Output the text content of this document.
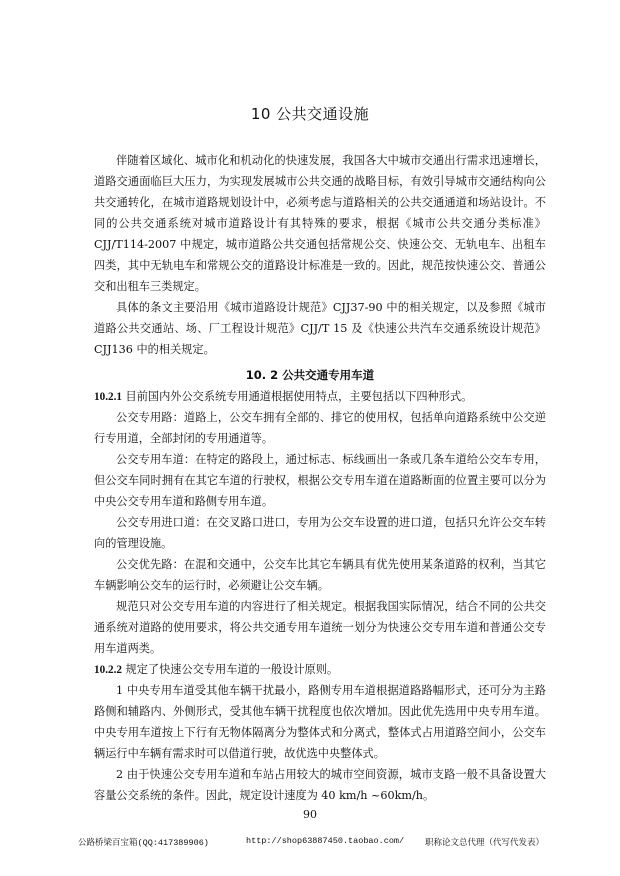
10 公共交通设施

伴随着区域化、城市化和机动化的快速发展，我国各大中城市交通出行需求迅速增长，道路交通面临巨大压力，为实现发展城市公共交通的战略目标，有效引导城市交通结构向公共交通转化，在城市道路规划设计中，必须考虑与道路相关的公共交通通道和场站设计。不同的公共交通系统对城市道路设计有其特殊的要求，根据《城市公共交通分类标准》CJJ/T114-2007 中规定，城市道路公共交通包括常规公交、快速公交、无轨电车、出租车四类，其中无轨电车和常规公交的道路设计标准是一致的。因此，规范按快速公交、普通公交和出租车三类规定。

具体的条文主要沿用《城市道路设计规范》CJJ37-90 中的相关规定，以及参照《城市道路公共交通站、场、厂工程设计规范》CJJ/T 15 及《快速公共汽车交通系统设计规范》CJJ136 中的相关规定。

10. 2 公共交通专用车道

10.2.1 目前国内外公交系统专用通道根据使用特点，主要包括以下四种形式。

公交专用路：道路上，公交车拥有全部的、排它的使用权，包括单向道路系统中公交逆行专用道，全部封闭的专用通道等。

公交专用车道：在特定的路段上，通过标志、标线画出一条或几条车道给公交车专用，但公交车同时拥有在其它车道的行驶权，根据公交专用车道在道路断面的位置主要可以分为中央公交专用车道和路侧专用车道。

公交专用进口道：在交叉路口进口，专用为公交车设置的进口道，包括只允许公交车转向的管理设施。

公交优先路：在混和交通中，公交车比其它车辆具有优先使用某条道路的权利，当其它车辆影响公交车的运行时，必须避让公交车辆。

规范只对公交专用车道的内容进行了相关规定。根据我国实际情况，结合不同的公共交通系统对道路的使用要求，将公共交通专用车道统一划分为快速公交专用车道和普通公交专用车道两类。

10.2.2 规定了快速公交专用车道的一般设计原则。

1 中央专用车道受其他车辆干扰最小，路侧专用车道根据道路路幅形式，还可分为主路路侧和辅路内、外侧形式，受其他车辆干扰程度也依次增加。因此优先选用中央专用车道。中央专用车道按上下行有无物体隔离分为整体式和分离式，整体式占用道路空间小，公交车辆运行中车辆有需求时可以借道行驶，故优选中央整体式。

2 由于快速公交专用车道和车站占用较大的城市空间资源，城市支路一般不具备设置大容量公交系统的条件。因此，规定设计速度为 40 km/h ~60km/h。

90
公路桥梁百宝箱(QQ:417389906)	http://shop63887450.taobao.com/ 职称论文总代理（代写代发表）
